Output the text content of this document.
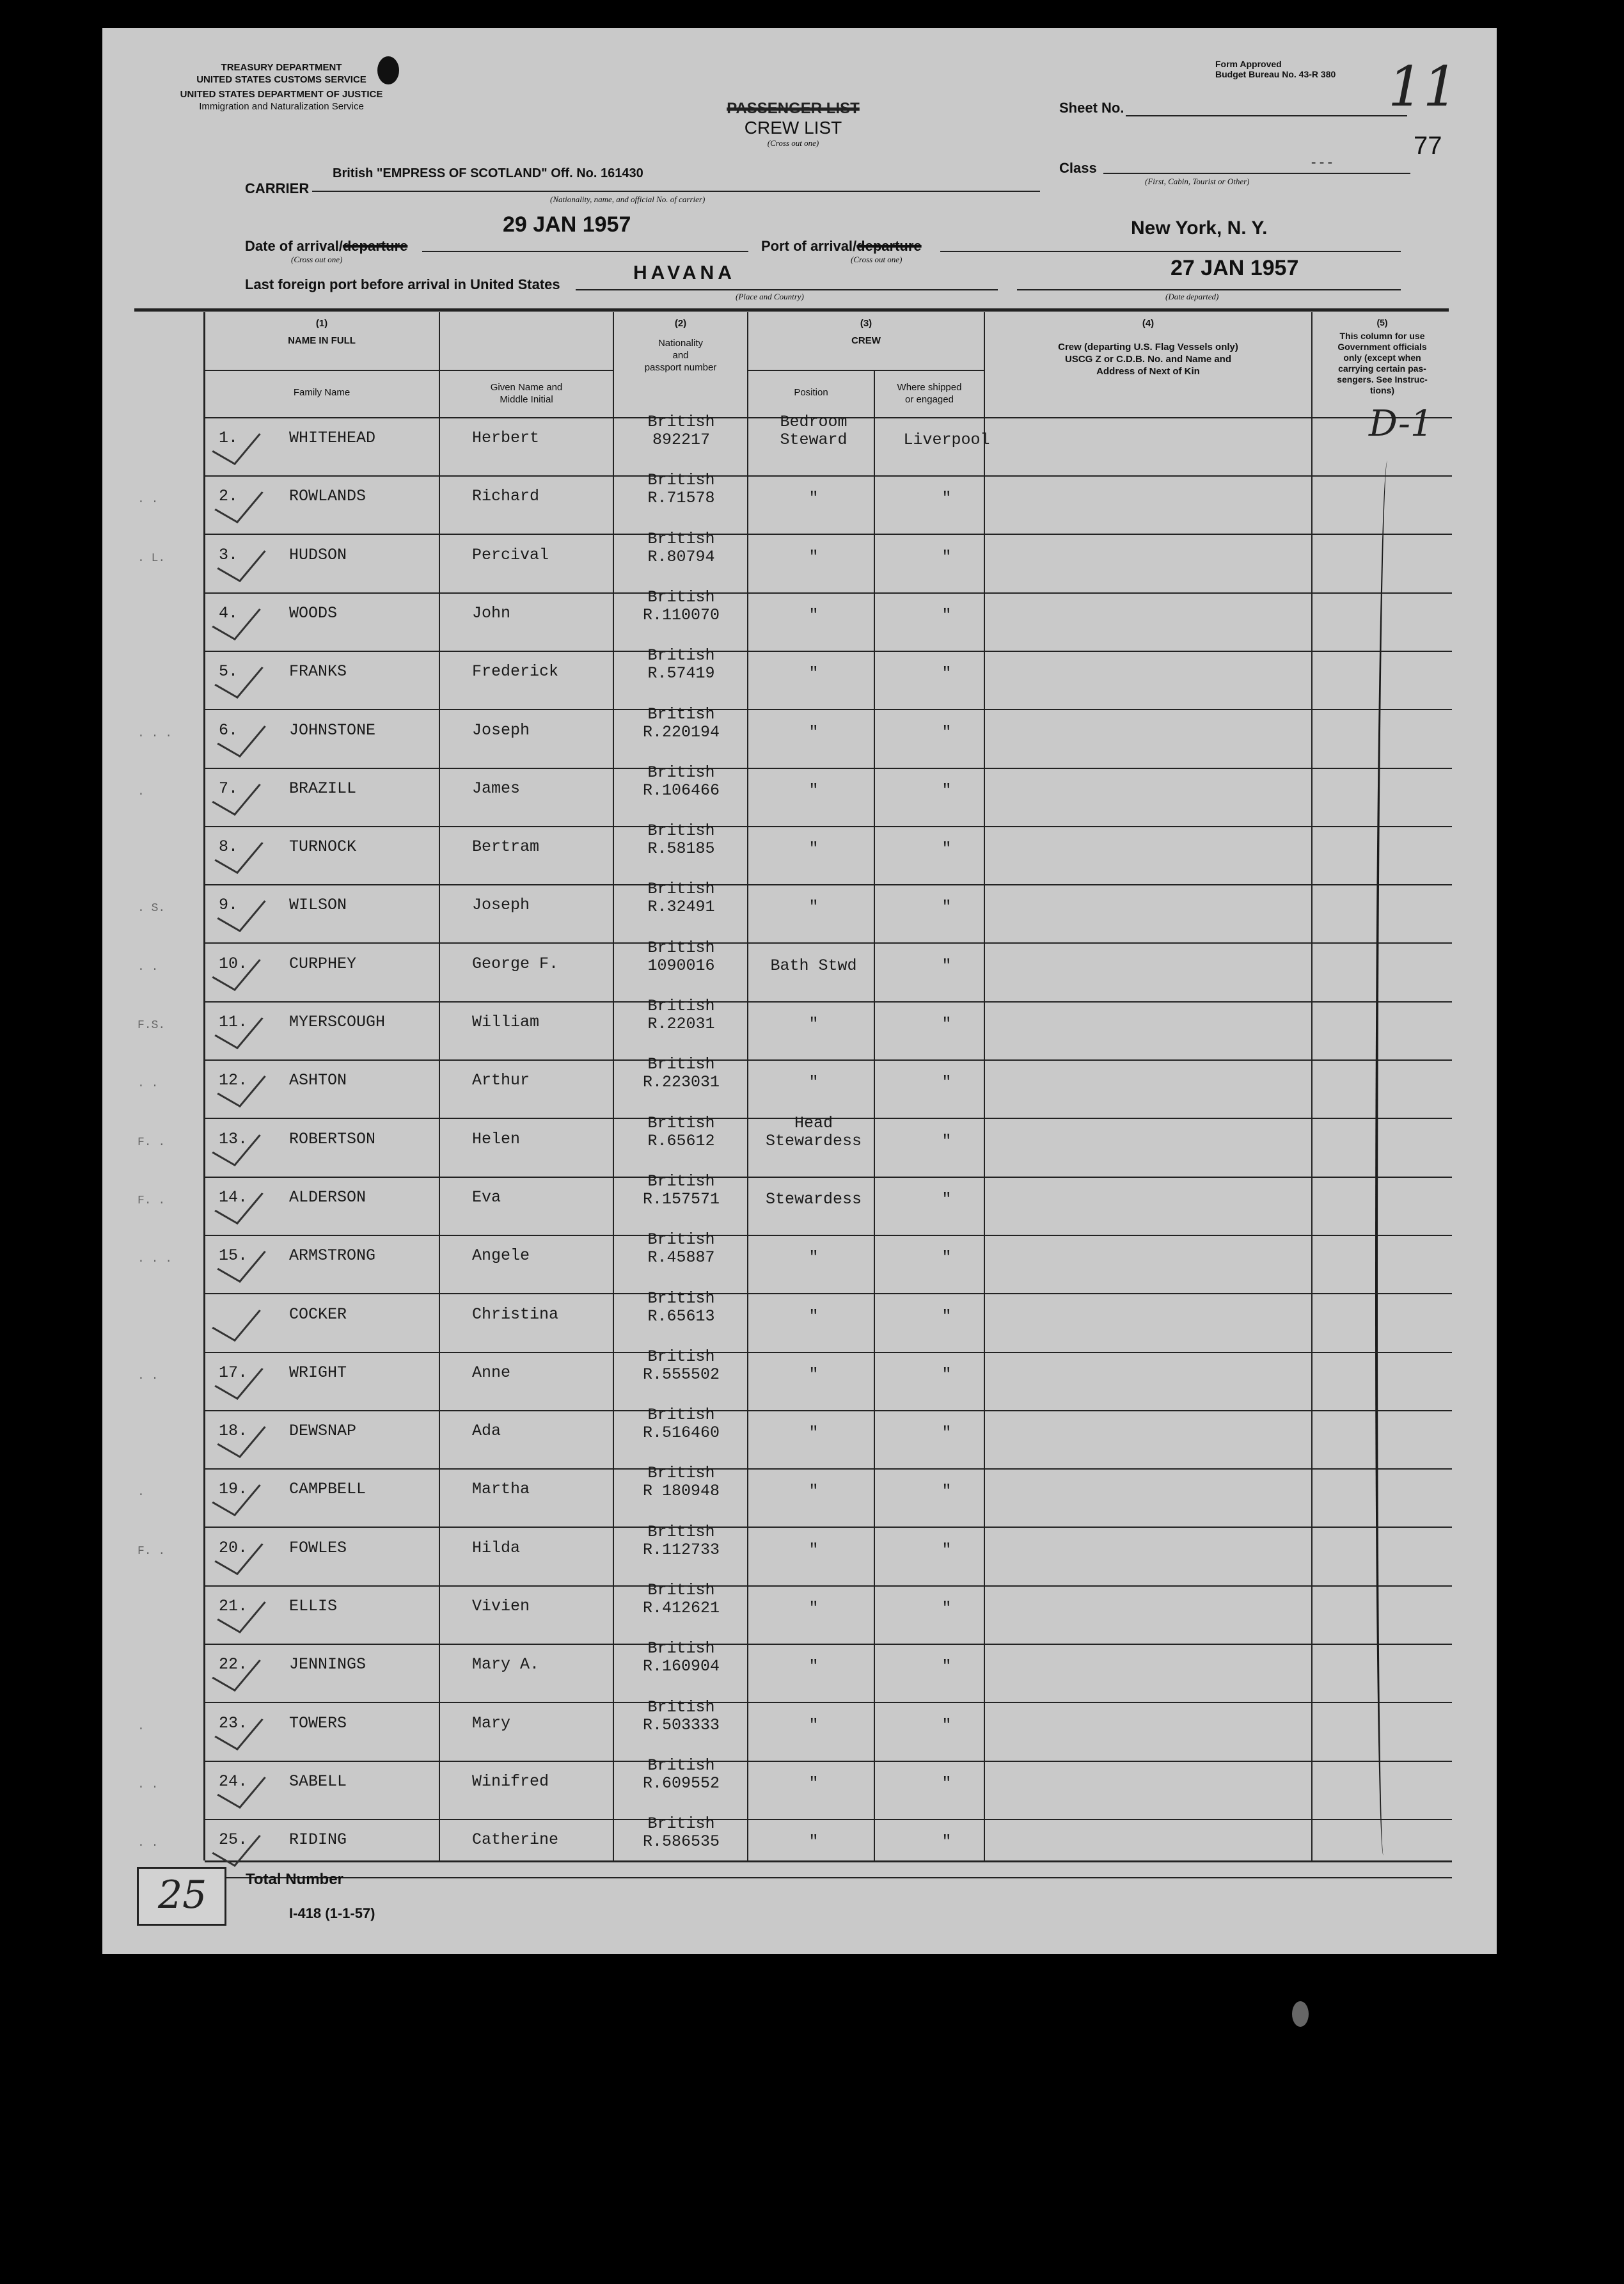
TREASURY DEPARTMENT
UNITED STATES CUSTOMS SERVICE
UNITED STATES DEPARTMENT OF JUSTICE
Immigration and Naturalization Service
Form Approved
Budget Bureau No. 43-R 380
PASSENGER LIST
CREW LIST
(Cross out one)
Sheet No.	11
77
Class	- - -
(First, Cabin, Tourist or Other)
CARRIER
British "EMPRESS OF SCOTLAND" Off. No. 161430
(Nationality, name, and official No. of carrier)
Date of arrival/departure
(Cross out one)
29 JAN 1957
Port of arrival/departure
(Cross out one)
New York, N. Y.
Last foreign port before arrival in United States
HAVANA
(Place and Country)
27 JAN 1957
(Date departed)
(1)
NAME IN FULL
Family Name	Given Name and
Middle Initial
(2)
Nationality
and
passport number
(3)
CREW
Position	Where shipped
or engaged
(4)
Crew (departing U.S. Flag Vessels only)
USCG Z or C.D.B. No. and Name and
Address of Next of Kin
(5)
This column for use
Government officials
only (except when
carrying certain pas-
sengers. See Instruc-
tions)
D-1
1.	WHITEHEAD	Herbert
British
892217
Bedroom
Steward	Liverpool
. .	2.	ROWLANDS	Richard
British
R.71578	"	"
. L.	3.	HUDSON	Percival
British
R.80794	"	"
4.	WOODS	John
British
R.110070	"	"
5.	FRANKS	Frederick
British
R.57419	"	"
. . .	6.	JOHNSTONE	Joseph
British
R.220194	"	"
.	7.	BRAZILL	James
British
R.106466	"	"
8.	TURNOCK	Bertram
British
R.58185	"	"
. S.	9.	WILSON	Joseph
British
R.32491	"	"
. .	10.	CURPHEY	George F.
British
1090016	Bath Stwd	"
F.S.	11.	MYERSCOUGH	William
British
R.22031	"	"
. .	12.	ASHTON	Arthur
British
R.223031	"	"
F. .	13.	ROBERTSON	Helen
British
R.65612
Head
Stewardess	"
F. .	14.	ALDERSON	Eva
British
R.157571	Stewardess	"
. . .	15.	ARMSTRONG	Angele
British
R.45887	"	"
COCKER	Christina
British
R.65613	"	"
. .	17.	WRIGHT	Anne
British
R.555502	"	"
18.	DEWSNAP	Ada
British
R.516460	"	"
.	19.	CAMPBELL	Martha
British
R 180948	"	"
F. .	20.	FOWLES	Hilda
British
R.112733	"	"
21.	ELLIS	Vivien
British
R.412621	"	"
22.	JENNINGS	Mary A.
British
R.160904	"	"
.	23.	TOWERS	Mary
British
R.503333	"	"
. .	24.	SABELL	Winifred
British
R.609552	"	"
. .	25.	RIDING	Catherine
British
R.586535	"	"
25	Total Number
I-418 (1-1-57)
